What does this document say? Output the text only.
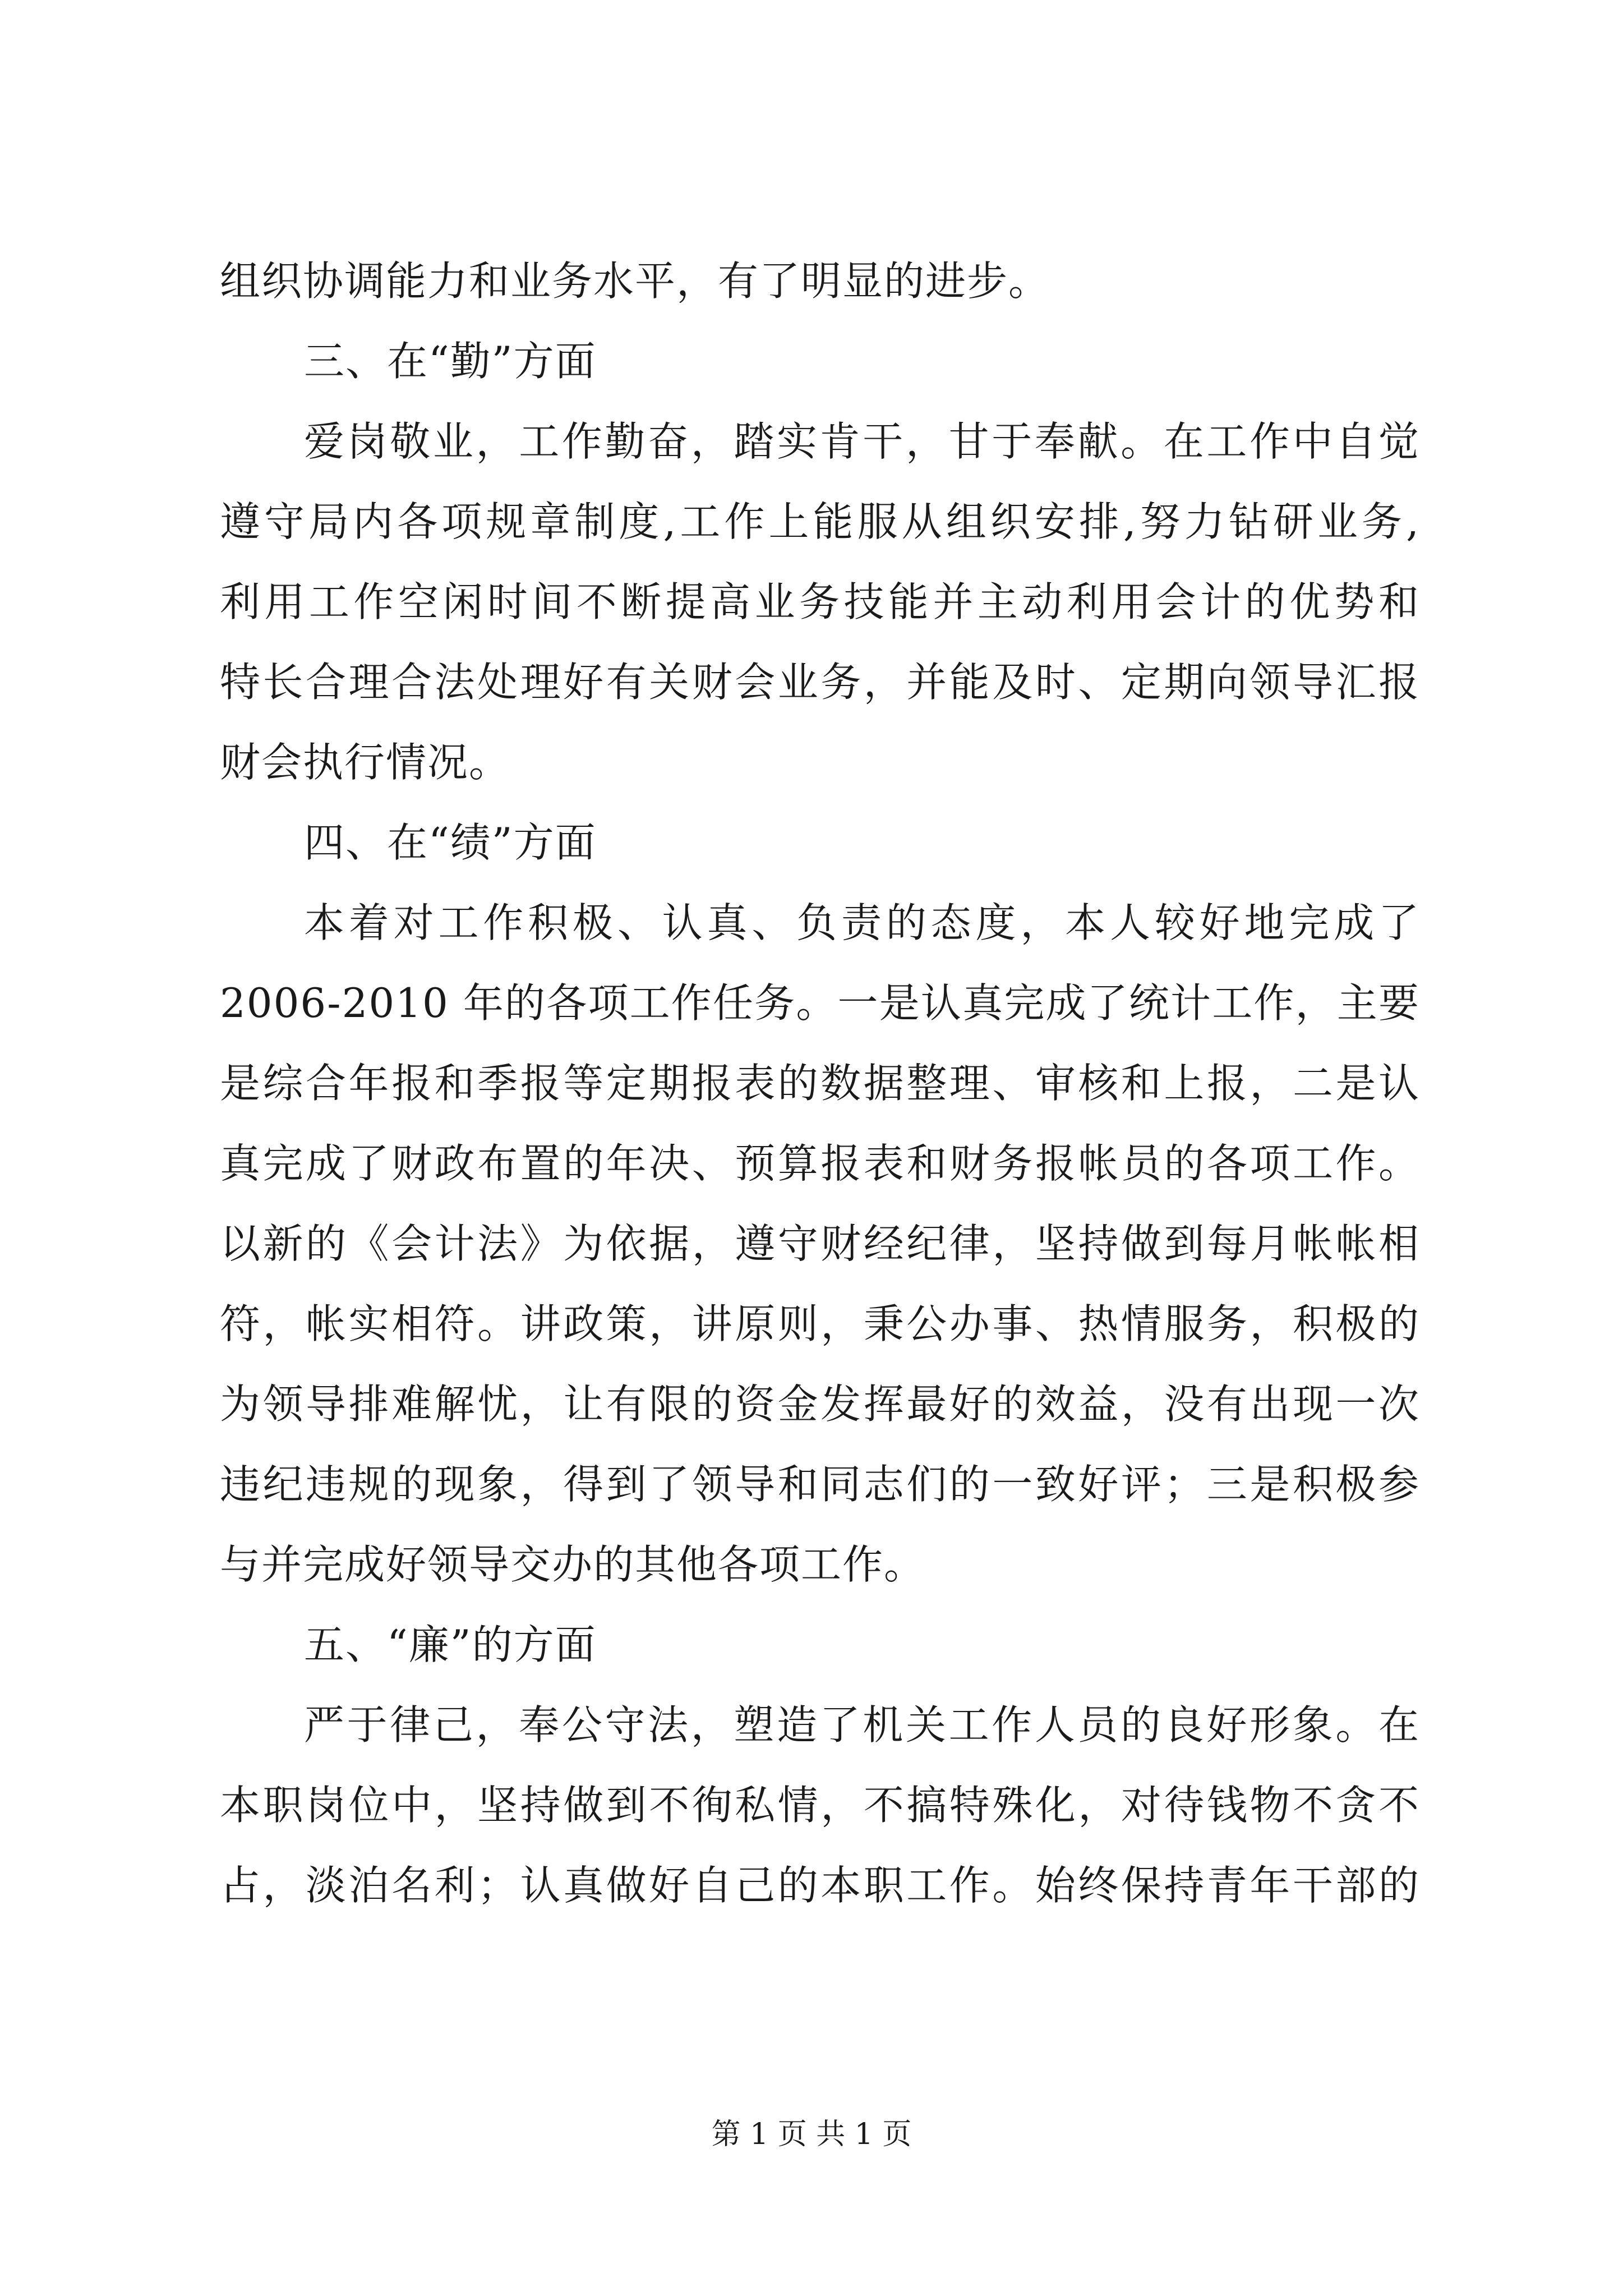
组织协调能力和业务水平，有了明显的进步。
三、在“勤”方面
爱岗敬业，工作勤奋，踏实肯干，甘于奉献。在工作中自觉
遵守局内各项规章制度,工作上能服从组织安排,努力钻研业务,
利用工作空闲时间不断提高业务技能并主动利用会计的优势和
特长合理合法处理好有关财会业务，并能及时、定期向领导汇报
财会执行情况。
四、在“绩”方面
本着对工作积极、认真、负责的态度，本人较好地完成了
2006-2010 年的各项工作任务。一是认真完成了统计工作，主要
是综合年报和季报等定期报表的数据整理、审核和上报，二是认
真完成了财政布置的年决、预算报表和财务报帐员的各项工作。
以新的《会计法》为依据，遵守财经纪律，坚持做到每月帐帐相
符，帐实相符。讲政策，讲原则，秉公办事、热情服务，积极的
为领导排难解忧，让有限的资金发挥最好的效益，没有出现一次
违纪违规的现象，得到了领导和同志们的一致好评；三是积极参
与并完成好领导交办的其他各项工作。
五、“廉”的方面
严于律己，奉公守法，塑造了机关工作人员的良好形象。在
本职岗位中，坚持做到不徇私情，不搞特殊化，对待钱物不贪不
占，淡泊名利；认真做好自己的本职工作。始终保持青年干部的
第 1 页 共 1 页
